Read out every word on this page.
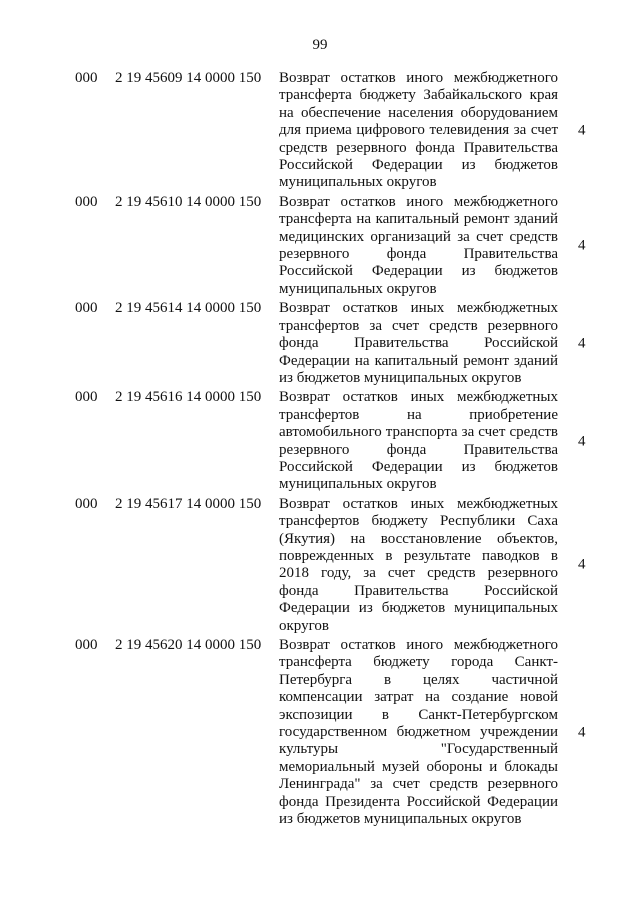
99
000 2 19 45609 14 0000 150 Возврат остатков иного межбюджетного трансферта бюджету Забайкальского края на обеспечение населения оборудованием для приема цифрового телевидения за счет средств резервного фонда Правительства Российской Федерации из бюджетов муниципальных округов
4
000 2 19 45610 14 0000 150 Возврат остатков иного межбюджетного трансферта на капитальный ремонт зданий медицинских организаций за счет средств резервного фонда Правительства Российской Федерации из бюджетов муниципальных округов
4
000 2 19 45614 14 0000 150 Возврат остатков иных межбюджетных трансфертов за счет средств резервного фонда Правительства Российской Федерации на капитальный ремонт зданий из бюджетов муниципальных округов
4
000 2 19 45616 14 0000 150 Возврат остатков иных межбюджетных трансфертов на приобретение автомобильного транспорта за счет средств резервного фонда Правительства Российской Федерации из бюджетов муниципальных округов
4
000 2 19 45617 14 0000 150 Возврат остатков иных межбюджетных трансфертов бюджету Республики Саха (Якутия) на восстановление объектов, поврежденных в результате паводков в 2018 году, за счет средств резервного фонда Правительства Российской Федерации из бюджетов муниципальных округов
4
000 2 19 45620 14 0000 150 Возврат остатков иного межбюджетного трансферта бюджету города Санкт-Петербурга в целях частичной компенсации затрат на создание новой экспозиции в Санкт-Петербургском государственном бюджетном учреждении культуры "Государственный мемориальный музей обороны и блокады Ленинграда" за счет средств резервного фонда Президента Российской Федерации из бюджетов муниципальных округов
4
